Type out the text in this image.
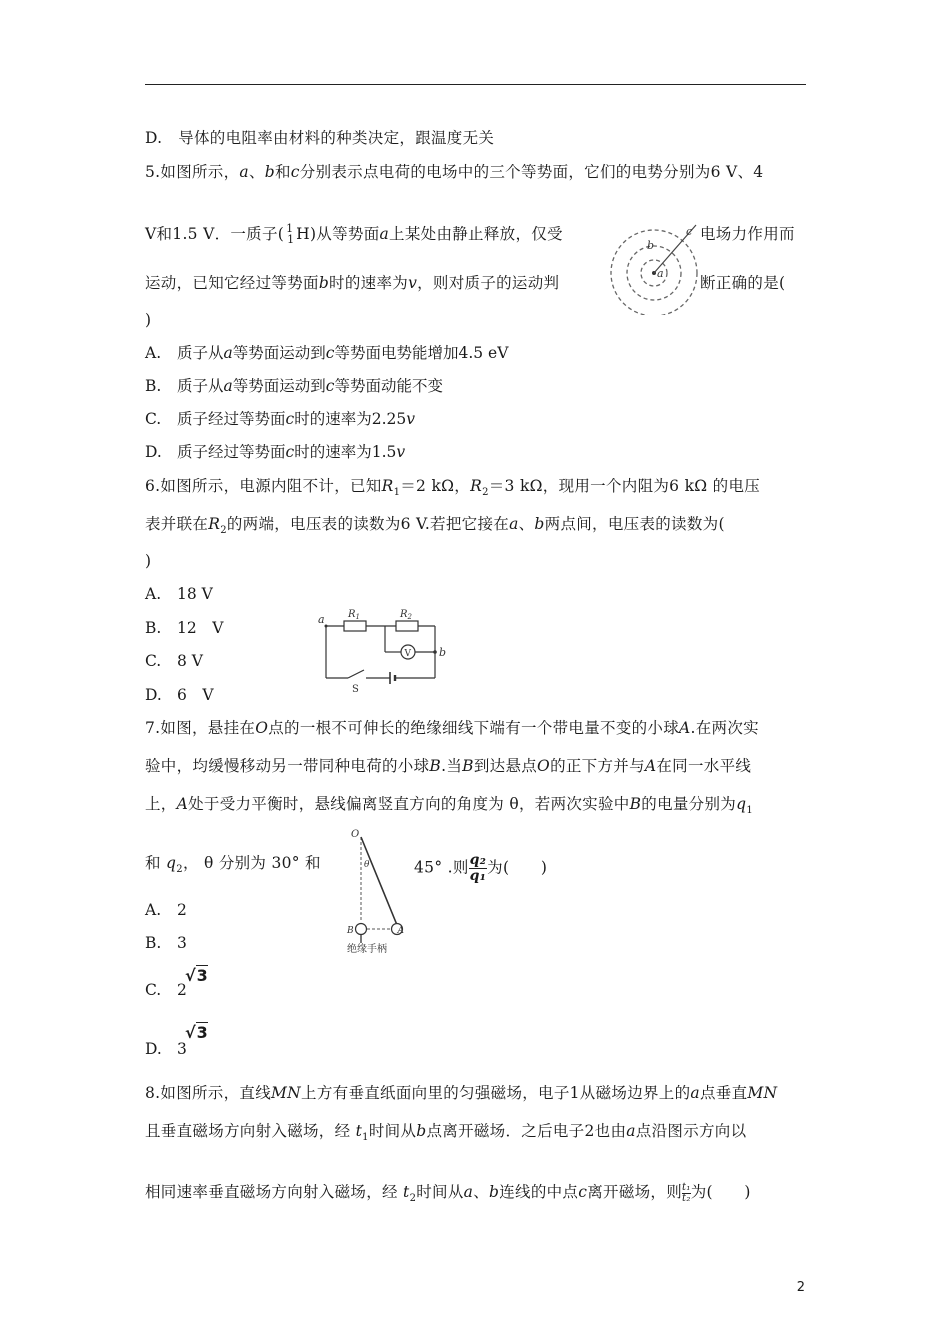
D.　导体的电阻率由材料的种类决定，跟温度无关
5.如图所示，a、b和c分别表示点电荷的电场中的三个等势面，它们的电势分别为6 V、4
V和1.5 V．一质子( 1
1 H)从等势面a上某处由静止释放，仅受	电场力作用而
运动，已知它经过等势面b时的速率为v，则对质子的运动判	断正确的是(
)
a
b
c
A. 质子从a等势面运动到c等势面电势能增加4.5 eV
B. 质子从a等势面运动到c等势面动能不变
C. 质子经过等势面c时的速率为2.25v
D. 质子经过等势面c时的速率为1.5v
6.如图所示，电源内阻不计，已知$R_1=2$ kΩ，$R_2=3$ kΩ，现用一个内阻为6 kΩ 的电压
表并联在$R_2$的两端，电压表的读数为6 V.若把它接在a、b两点间，电压表的读数为(
)
A. 18 V
B. 12　V
C. 8 V
D. 6　V
a
b
$R_1$	$R_2$
V
S
7.如图，悬挂在O点的一根不可伸长的绝缘细线下端有一个带电量不变的小球A.在两次实
验中，均缓慢移动另一带同种电荷的小球B.当B到达悬点O的正下方并与A在同一水平线
上，A处于受力平衡时，悬线偏离竖直方向的角度为 θ，若两次实验中B的电量分别为$q_1$
和 $q_2$， θ 分别为 30° 和	45° .则 $\frac{\text{q₂}}{\text{q₁}}$ 为(　　)
O
θ
B	A
绝缘手柄
A. 2
B. 3
C. 2
√3
D. 3
√3
8.如图所示，直线MN上方有垂直纸面向里的匀强磁场，电子1从磁场边界上的a点垂直MN
且垂直磁场方向射入磁场，经 $t_1$时间从b点离开磁场．之后电子2也由a点沿图示方向以
相同速率垂直磁场方向射入磁场，经 $t_2$时间从a、b连线的中点c离开磁场，则 $\frac{\text{t₁}}{\text{t₂}}$为(　　)
2
